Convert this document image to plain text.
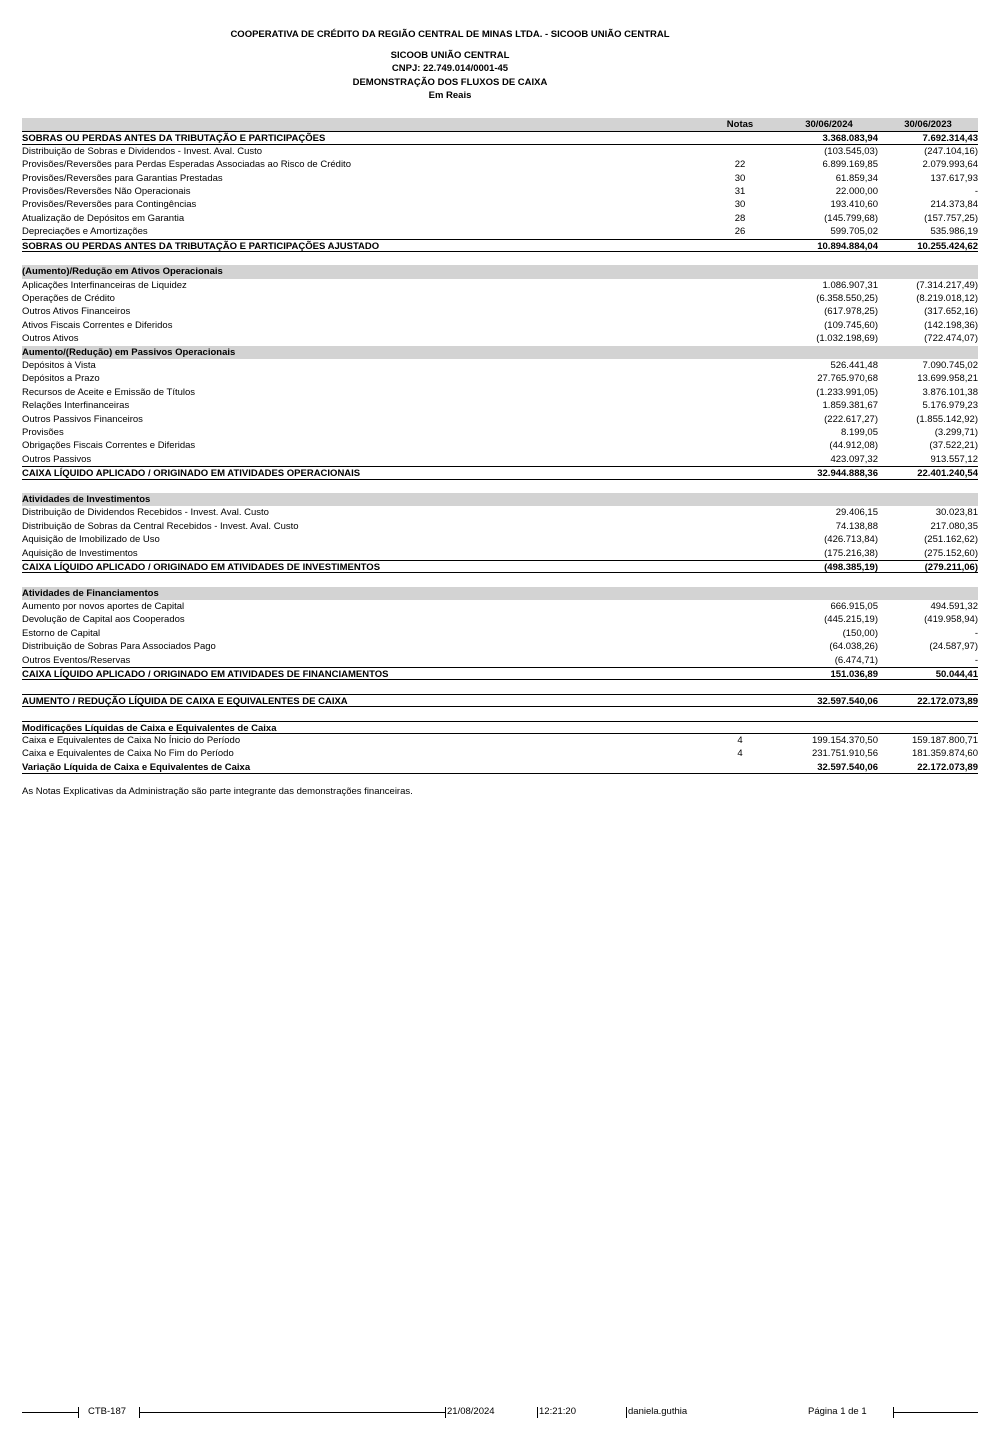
COOPERATIVA DE CRÉDITO DA REGIÃO CENTRAL DE MINAS LTDA. - SICOOB UNIÃO CENTRAL
SICOOB UNIÃO CENTRAL
CNPJ: 22.749.014/0001-45
DEMONSTRAÇÃO DOS FLUXOS DE CAIXA
Em Reais
Notas	30/06/2024	30/06/2023
SOBRAS OU PERDAS ANTES DA TRIBUTAÇÃO E PARTICIPAÇÕES	3.368.083,94	7.692.314,43
Distribuição de Sobras e Dividendos - Invest. Aval. Custo	(103.545,03)	(247.104,16)
Provisões/Reversões para Perdas Esperadas Associadas ao Risco de Crédito	22	6.899.169,85	2.079.993,64
Provisões/Reversões para Garantias Prestadas	30	61.859,34	137.617,93
Provisões/Reversões Não Operacionais	31	22.000,00	-
Provisões/Reversões para Contingências	30	193.410,60	214.373,84
Atualização de Depósitos em Garantia	28	(145.799,68)	(157.757,25)
Depreciações e Amortizações	26	599.705,02	535.986,19
SOBRAS OU PERDAS ANTES DA TRIBUTAÇÃO E PARTICIPAÇÕES AJUSTADO	10.894.884,04	10.255.424,62
(Aumento)/Redução em Ativos Operacionais
Aplicações Interfinanceiras de Liquidez	1.086.907,31	(7.314.217,49)
Operações de Crédito	(6.358.550,25)	(8.219.018,12)
Outros Ativos Financeiros	(617.978,25)	(317.652,16)
Ativos Fiscais Correntes e Diferidos	(109.745,60)	(142.198,36)
Outros Ativos	(1.032.198,69)	(722.474,07)
Aumento/(Redução) em Passivos Operacionais
Depósitos à Vista	526.441,48	7.090.745,02
Depósitos a Prazo	27.765.970,68	13.699.958,21
Recursos de Aceite e Emissão de Títulos	(1.233.991,05)	3.876.101,38
Relações Interfinanceiras	1.859.381,67	5.176.979,23
Outros Passivos Financeiros	(222.617,27)	(1.855.142,92)
Provisões	8.199,05	(3.299,71)
Obrigações Fiscais Correntes e Diferidas	(44.912,08)	(37.522,21)
Outros Passivos	423.097,32	913.557,12
CAIXA LÍQUIDO APLICADO / ORIGINADO EM ATIVIDADES OPERACIONAIS	32.944.888,36	22.401.240,54
Atividades de Investimentos
Distribuição de Dividendos Recebidos - Invest. Aval. Custo	29.406,15	30.023,81
Distribuição de Sobras da Central Recebidos - Invest. Aval. Custo	74.138,88	217.080,35
Aquisição de Imobilizado de Uso	(426.713,84)	(251.162,62)
Aquisição de Investimentos	(175.216,38)	(275.152,60)
CAIXA LÍQUIDO APLICADO / ORIGINADO EM ATIVIDADES DE INVESTIMENTOS	(498.385,19)	(279.211,06)
Atividades de Financiamentos
Aumento por novos aportes de Capital	666.915,05	494.591,32
Devolução de Capital aos Cooperados	(445.215,19)	(419.958,94)
Estorno de Capital	(150,00)	-
Distribuição de Sobras Para Associados Pago	(64.038,26)	(24.587,97)
Outros Eventos/Reservas	(6.474,71)	-
CAIXA LÍQUIDO APLICADO / ORIGINADO EM ATIVIDADES DE FINANCIAMENTOS	151.036,89	50.044,41
AUMENTO / REDUÇÃO LÍQUIDA DE CAIXA E EQUIVALENTES DE CAIXA	32.597.540,06	22.172.073,89
Modificações Líquidas de Caixa e Equivalentes de Caixa
Caixa e Equivalentes de Caixa No Ínicio do Período	4	199.154.370,50	159.187.800,71
Caixa e Equivalentes de Caixa No Fim do Período	4	231.751.910,56	181.359.874,60
Variação Líquida de Caixa e Equivalentes de Caixa	32.597.540,06	22.172.073,89
As Notas Explicativas da Administração são parte integrante das demonstrações financeiras.
CTB-187	21/08/2024	12:21:20	daniela.guthia	Página 1 de 1
